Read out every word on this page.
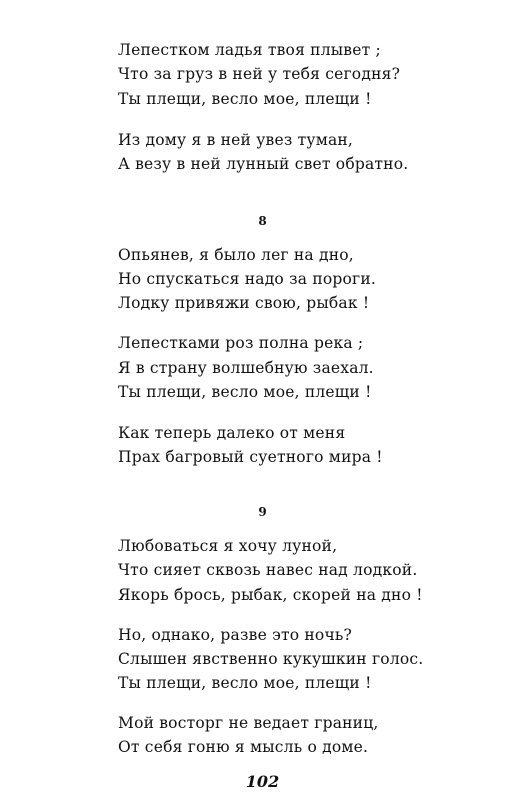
Лепестком ладья твоя плывет ;
Что за груз в ней у тебя сегодня?
Ты плещи, весло мое, плещи !
Из дому я в ней увез туман,
А везу в ней лунный свет обратно.
8
Опьянев, я было лег на дно,
Но спускаться надо за пороги.
Лодку привяжи свою, рыбак !
Лепестками роз полна река ;
Я в страну волшебную заехал.
Ты плещи, весло мое, плещи !
Как теперь далеко от меня
Прах багровый суетного мира !
9
Любоваться я хочу луной,
Что сияет сквозь навес над лодкой.
Якорь брось, рыбак, скорей на дно !
Но, однако, разве это ночь?
Слышен явственно кукушкин голос.
Ты плещи, весло мое, плещи !
Мой восторг не ведает границ,
От себя гоню я мысль о доме.
102
